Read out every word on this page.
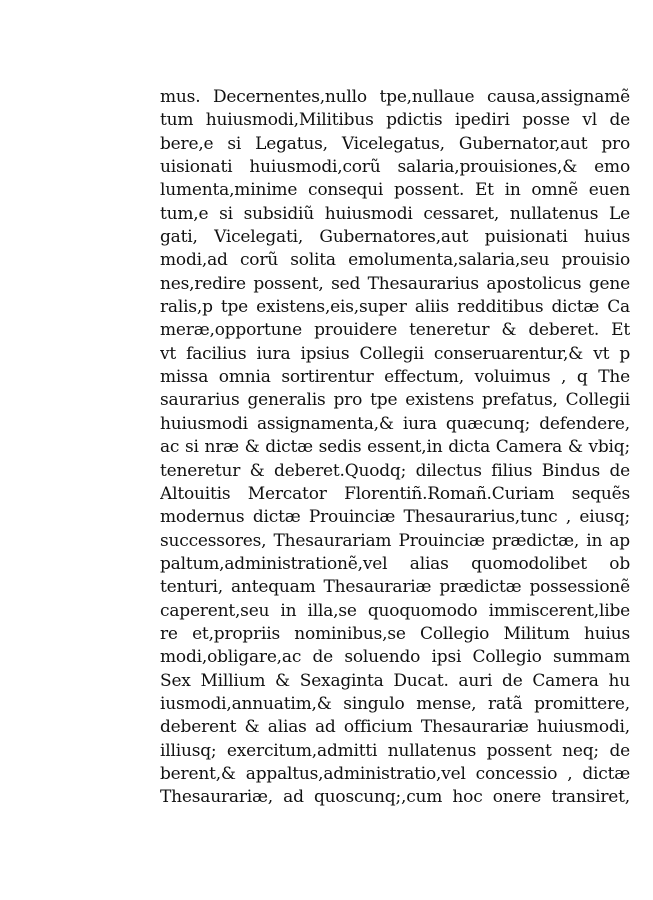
mus. Decernentes,nullo tpe,nullaue causa,assignamẽ
tum huiusmodi,Militibus pdictis ipediri posse vl de
bere,e si Legatus, Vicelegatus, Gubernator,aut pro
uisionati huiusmodi,corũ salaria,prouisiones,& emo
lumenta,minime consequi possent. Et in omnẽ euen
tum,e si subsidiũ huiusmodi cessaret, nullatenus Le
gati, Vicelegati, Gubernatores,aut puisionati huius
modi,ad corũ solita emolumenta,salaria,seu prouisio
nes,redire possent, sed Thesaurarius apostolicus gene
ralis,p tpe existens,eis,super aliis redditibus dictæ Ca
meræ,opportune prouidere teneretur & deberet. Et
vt facilius iura ipsius Collegii conseruarentur,& vt p
missa omnia sortirentur effectum, voluimus , q The
saurarius generalis pro tpe existens prefatus, Collegii
huiusmodi assignamenta,& iura quæcunq; defendere,
ac si nræ & dictæ sedis essent,in dicta Camera & vbiq;
teneretur & deberet.Quodq; dilectus filius Bindus de
Altouitis Mercator Florentiñ.Romañ.Curiam sequẽs
modernus dictæ Prouinciæ Thesaurarius,tunc , eiusq;
successores, Thesaurariam Prouinciæ prædictæ, in ap
paltum,administrationẽ,vel alias quomodolibet ob
tenturi, antequam Thesaurariæ prædictæ possessionẽ
caperent,seu in illa,se quoquomodo immiscerent,libe
re et,propriis nominibus,se Collegio Militum huius
modi,obligare,ac de soluendo ipsi Collegio summam
Sex Millium & Sexaginta Ducat. auri de Camera hu
iusmodi,annuatim,& singulo mense, ratã promittere,
deberent & alias ad officium Thesaurariæ huiusmodi,
illiusq; exercitum,admitti nullatenus possent neq; de
berent,& appaltus,administratio,vel concessio , dictæ
Thesaurariæ, ad quoscunq;,cum hoc onere transiret,
